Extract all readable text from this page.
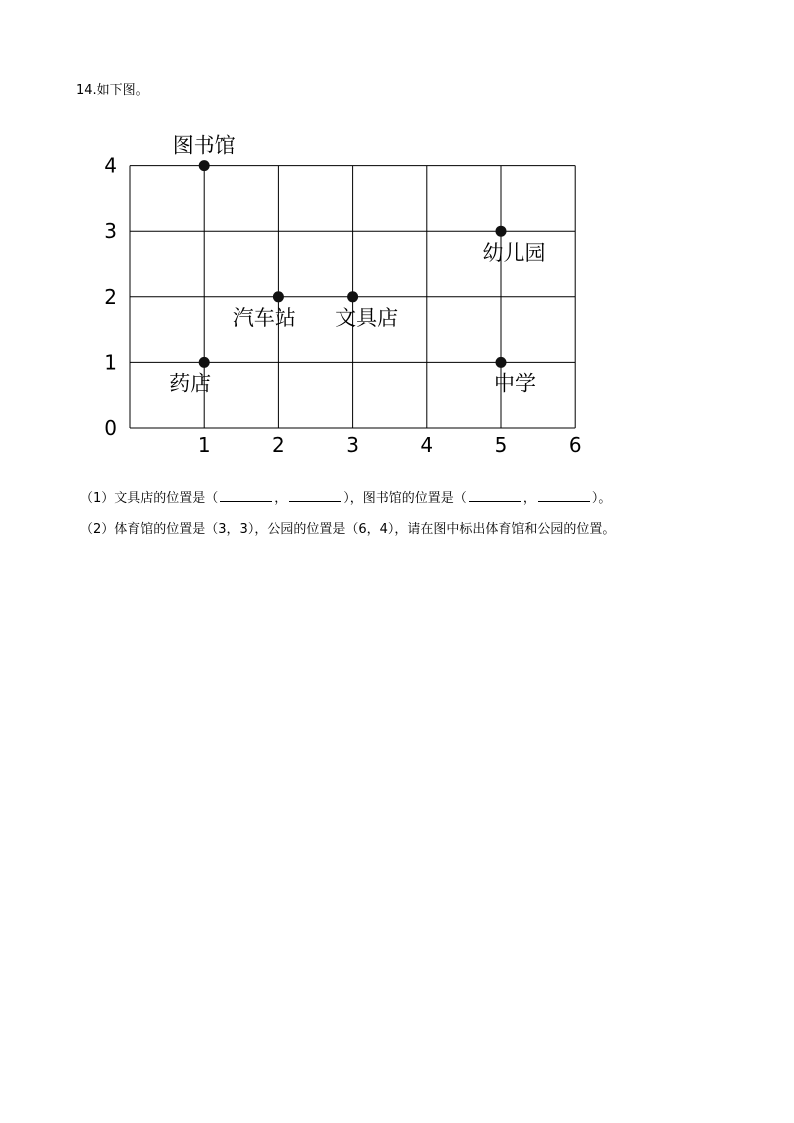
14.如下图。
1	2	3	4	5	6
0
1
2
3
4
图书馆
幼儿园
汽车站 文具店
药店	中学
（1）文具店的位置是（	，	），图书馆的位置是（	，	）。
（2）体育馆的位置是（3，3），公园的位置是（6，4），请在图中标出体育馆和公园的位置。
